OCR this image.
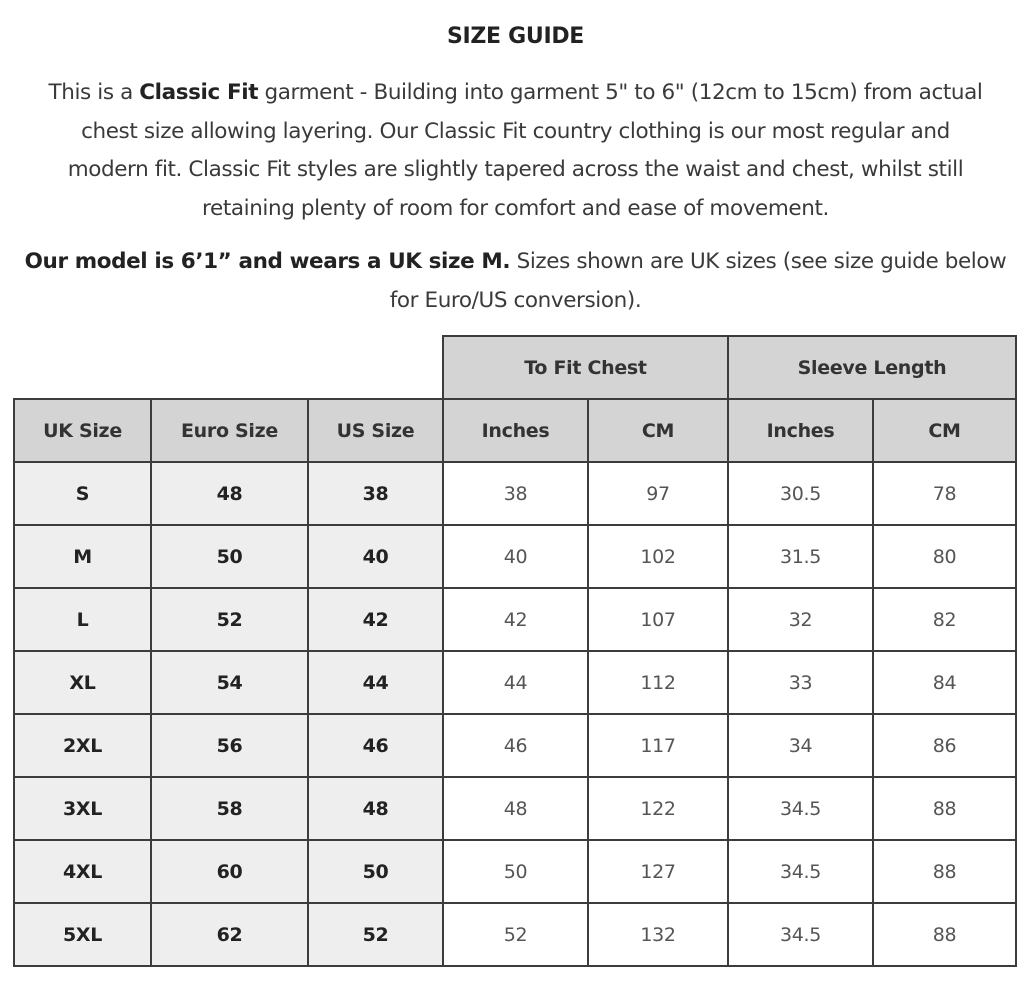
SIZE GUIDE
This is a Classic Fit garment - Building into garment 5" to 6" (12cm to 15cm) from actual
chest size allowing layering. Our Classic Fit country clothing is our most regular and
modern fit. Classic Fit styles are slightly tapered across the waist and chest, whilst still
retaining plenty of room for comfort and ease of movement.
Our model is 6’1” and wears a UK size M. Sizes shown are UK sizes (see size guide below
for Euro/US conversion).
			To Fit Chest		Sleeve Length	
UK Size	Euro Size	US Size	Inches	CM	Inches	CM
S	48	38	38	97	30.5	78
M	50	40	40	102	31.5	80
L	52	42	42	107	32	82
XL	54	44	44	112	33	84
2XL	56	46	46	117	34	86
3XL	58	48	48	122	34.5	88
4XL	60	50	50	127	34.5	88
5XL	62	52	52	132	34.5	88
